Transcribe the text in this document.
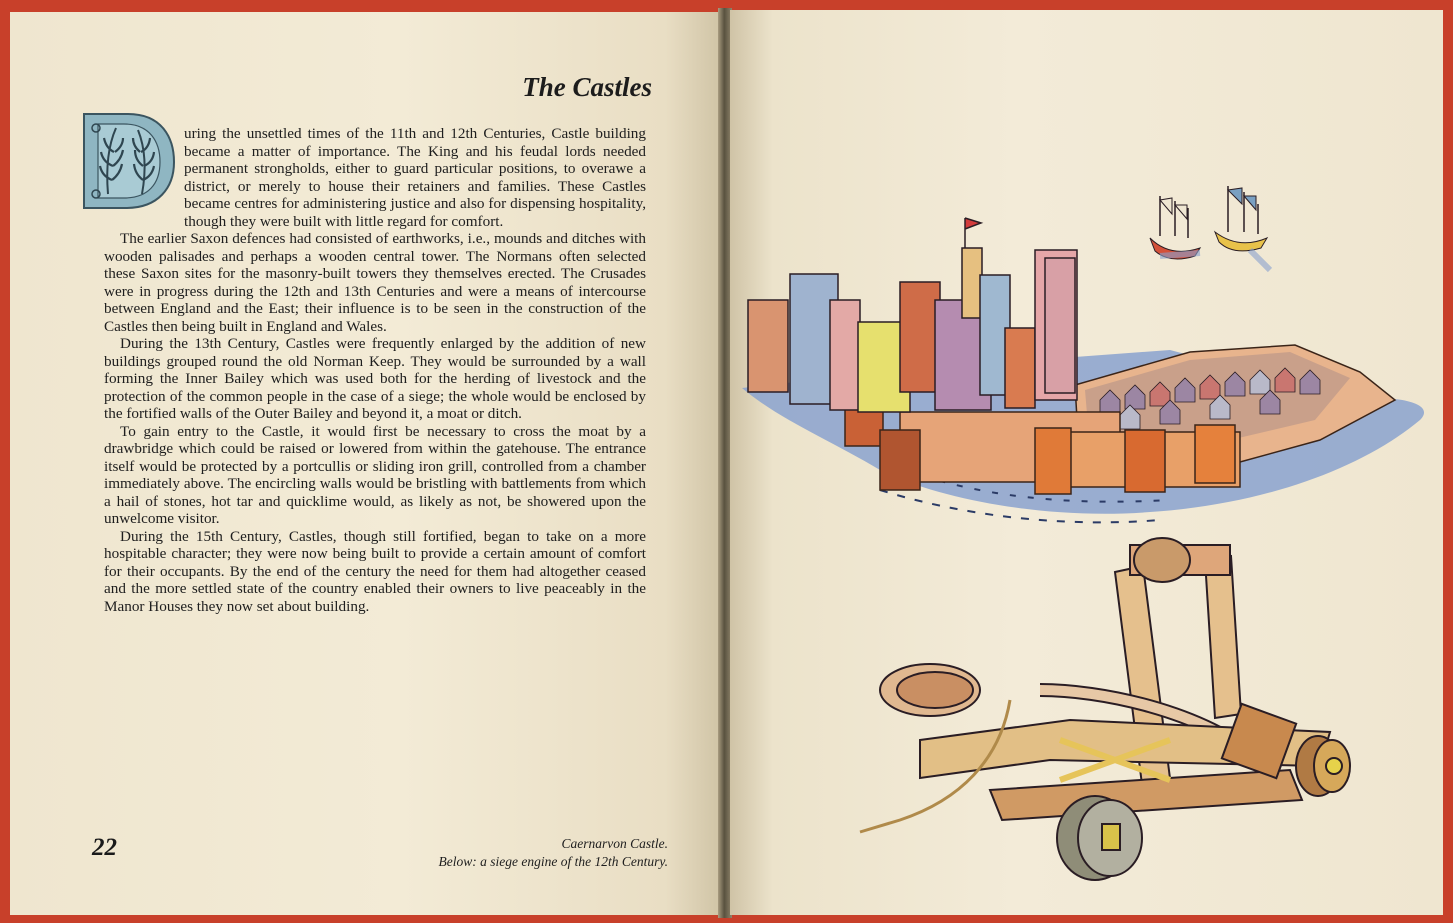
The Castles

uring the unsettled times of the 11th and 12th Centuries, Castle building became a matter of importance. The King and his feudal lords needed permanent strongholds, either to guard particular positions, to overawe a district, or merely to house their retainers and families. These Castles became centres for administering justice and also for dispensing hospitality, though they were built with little regard for comfort.

The earlier Saxon defences had consisted of earthworks, i.e., mounds and ditches with wooden palisades and perhaps a wooden central tower. The Normans often selected these Saxon sites for the masonry-built towers they themselves erected. The Crusades were in progress during the 12th and 13th Centuries and were a means of intercourse between England and the East; their influence is to be seen in the construction of the Castles then being built in England and Wales.

During the 13th Century, Castles were frequently enlarged by the addition of new buildings grouped round the old Norman Keep. They would be surrounded by a wall forming the Inner Bailey which was used both for the herding of livestock and the protection of the common people in the case of a siege; the whole would be enclosed by the fortified walls of the Outer Bailey and beyond it, a moat or ditch.

To gain entry to the Castle, it would first be necessary to cross the moat by a drawbridge which could be raised or lowered from within the gatehouse. The entrance itself would be protected by a portcullis or sliding iron grill, controlled from a chamber immediately above. The encircling walls would be bristling with battlements from which a hail of stones, hot tar and quicklime would, as likely as not, be showered upon the unwelcome visitor.

During the 15th Century, Castles, though still fortified, began to take on a more hospitable character; they were now being built to provide a certain amount of comfort for their occupants. By the end of the century the need for them had altogether ceased and the more settled state of the country enabled their owners to live peaceably in the Manor Houses they now set about building.

22	Caernarvon Castle.
Below: a siege engine of the 12th Century.
